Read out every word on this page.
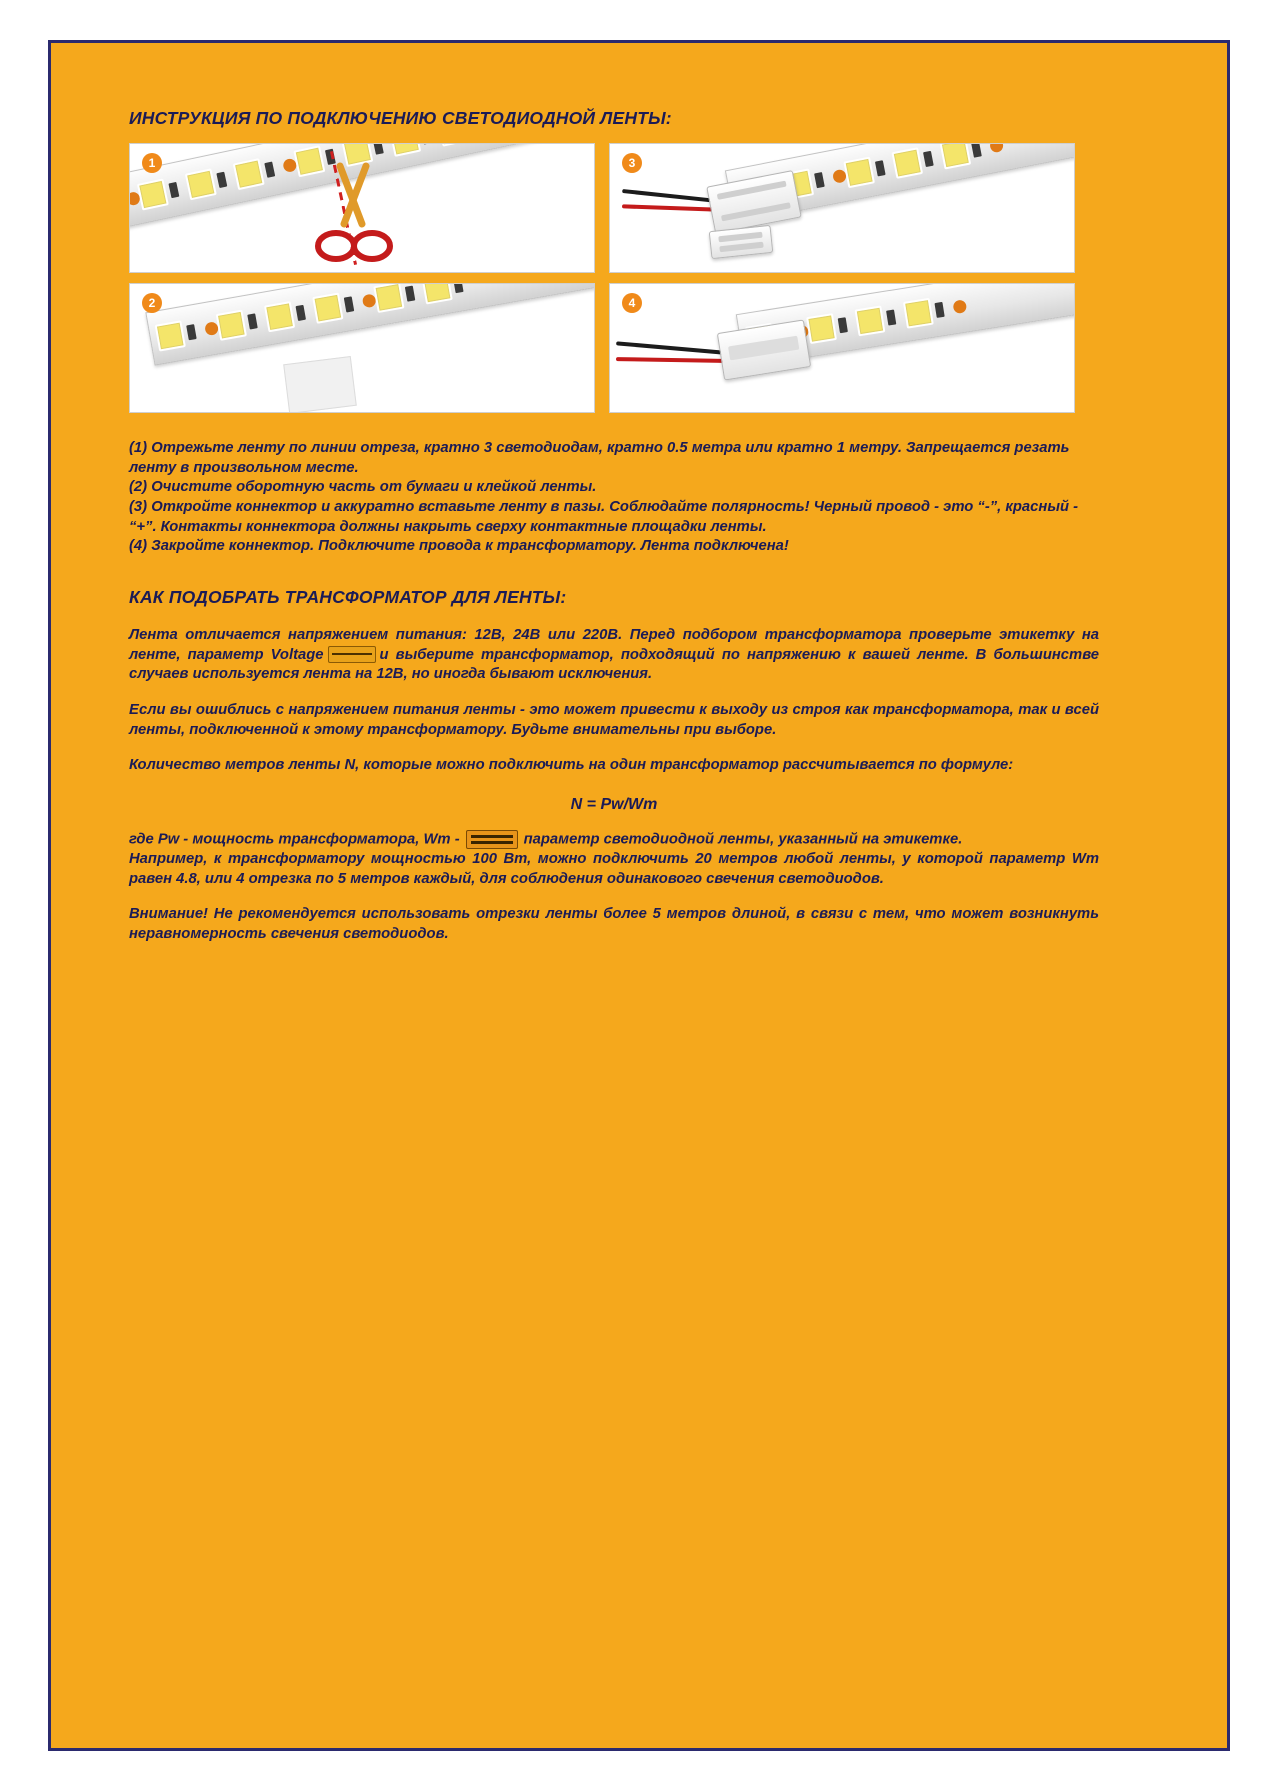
ИНСТРУКЦИЯ ПО ПОДКЛЮЧЕНИЮ СВЕТОДИОДНОЙ ЛЕНТЫ:
1	3
2	4

(1) Отрежьте ленту по линии отреза, кратно 3 светодиодам, кратно 0.5 метра или кратно 1 метру. Запрещается резать ленту в произвольном месте.

(2) Очистите оборотную часть от бумаги и клейкой ленты.

(3) Откройте коннектор и аккуратно вставьте ленту в пазы. Соблюдайте полярность! Черный провод - это “-”, красный - “+”. Контакты коннектора должны накрыть сверху контактные площадки ленты.

(4) Закройте коннектор. Подключите провода к трансформатору. Лента подключена!

КАК ПОДОБРАТЬ ТРАНСФОРМАТОР ДЛЯ ЛЕНТЫ:

Лента отличается напряжением питания: 12В, 24В или 220В. Перед подбором трансформатора проверьте этикетку на ленте, параметр Voltage	и выберите трансформатор, подходящий по напряжению к вашей ленте. В большинстве случаев используется лента на 12В, но иногда бывают исключения.

Если вы ошиблись с напряжением питания ленты - это может привести к выходу из строя как трансформатора, так и всей ленты, подключенной к этому трансформатору. Будьте внимательны при выборе.

Количество метров ленты N, которые можно подключить на один трансформатор рассчитывается по формуле:

N = Pw/Wm

где Pw - мощность трансформатора, Wm -	параметр светодиодной ленты, указанный на этикетке.

Например, к трансформатору мощностью 100 Вт, можно подключить 20 метров любой ленты, у которой параметр Wm равен 4.8, или 4 отрезка по 5 метров каждый, для соблюдения одинакового свечения светодиодов.

Внимание! Не рекомендуется использовать отрезки ленты более 5 метров длиной, в связи с тем, что может возникнуть неравномерность свечения светодиодов.
